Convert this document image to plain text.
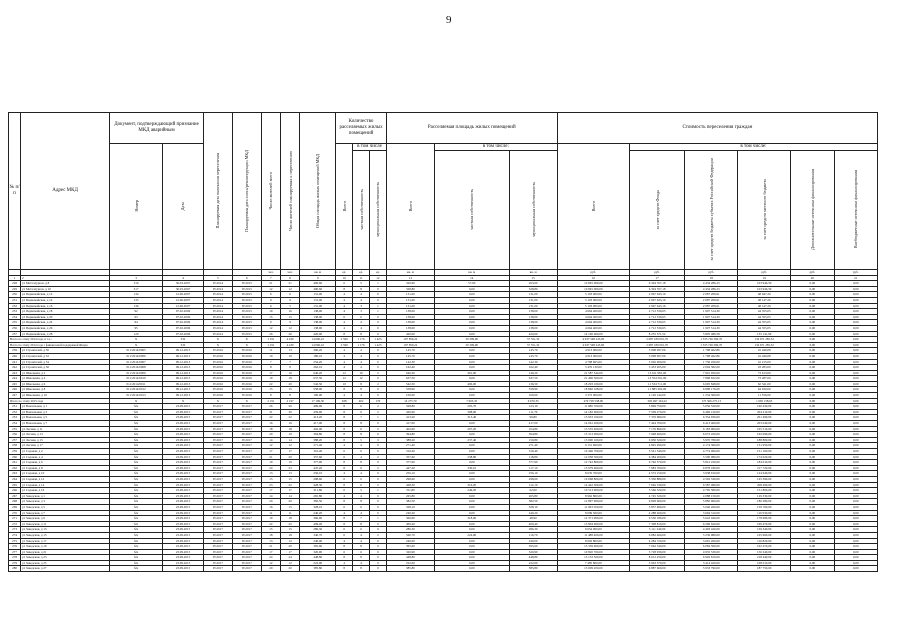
9
№ п/п	Адрес МКД	Документ, подтверждающий признание МКД аварийным		Планируемая дата окончания переселения	Планируемая дата сноса/реконструкции МКД	Число жителей всего	Число жителей планируемых к переселению	Общая площадь жилых помещений МКД	Количество расселяемых жилых помещений			Расселяемая площадь жилых помещений			Стоимость переселения граждан					
		Номер	Дата						Всего	в том числе		Всего	в том числе:		Всего	в том числе:				
										частная собственность	муниципальная собственность		частная собственность	муниципальная собственность		за счет средств Фонда	за счет средств бюджета субъекта Российской Федерации	за счет средств местного бюджета	Дополнительные источники финансирования	Внебюджетные источники финансирования
						чел.	чел.	кв. м	ед.	ед.	ед.	кв. м	кв. м	кв. м	руб.	руб.	руб.	руб.	руб.	руб.
1	2	3	4	5	6	7	8	9	10	11	12	13	14	15	16	17	18	19	20	21
228	ул Металлургов, д 8	316	30.03.2007	IV.2014	IV.2015	21	21	400,60	6	5	1	320,90	57,60	263,00	10 845 000,00	6 304 767,18	4 434 286,23	103 946,59	0,00	0,00
229	ул Металлургов, д 10	317	30.03.2007	IV.2014	IV.2015	12	12	400,60	8	8	0	328,80	0,00	328,80	10 845 000,00	6 304 767,18	4 434 286,23	103 946,59	0,00	0,00
230	ул Первомайская, д 12	134	12.06.2007	IV.2014	IV.2015	6	6	131,00	4	4	0	131,00	0,00	131,00	5 103 000,00	2 967 643,16	2 087 209,61	48 047,26	0,00	0,00
231	ул Первомайская, д 14	135	12.06.2007	IV.2014	IV.2015	9	9	131,00	4	4	0	131,00	0,00	131,00	5 103 000,00	2 967 643,16	2 087 209,61	48 147,26	0,00	0,00
232	ул Первомайская, д 16	136	12.06.2007	IV.2014	IV.2015	6	5	131,00	4	3	1	131,00	0,00	131,00	5 103 000,00	2 967 643,16	2 087 209,61	48 147,26	0,00	0,00
233	ул Первомайская, д 18	92	07.02.2006	IV.2014	IV.2015	19	16	138,00	4	3	1	138,00	0,00	138,00	4 664 400,00	2 712 530,65	1 907 514,30	44 355,05	0,00	0,00
234	ул Первомайская, д 20	93	07.02.2006	IV.2014	IV.2015	15	15	138,00	6	6	0	138,00	0,00	138,00	4 664 400,00	2 712 530,65	1 907 514,30	44 355,05	0,00	0,00
235	ул Первомайская, д 24	94	07.02.2006	IV.2014	IV.2015	9	9	138,00	4	4	0	138,00	0,00	138,00	4 664 400,00	2 712 530,65	1 907 514,30	44 355,05	0,00	0,00
236	ул Первомайская, д 26	95	07.02.2006	IV.2014	IV.2015	12	12	138,00	4	4	0	138,00	0,00	138,00	4 664 400,00	2 712 530,65	1 907 514,30	44 355,05	0,00	0,00
237	ул Первомайская, д 28	120	07.02.2006	IV.2014	IV.2015	26	26	420,00	8	8	0	420,00	0,00	420,00	14 196 000,00	8 255 371,52	5 805 486,58	135 141,90	0,00	0,00
Всего по этапу 2014 года, в т.ч.:		X	332	X	X	1 191	4 430	14 060,22	2 599	1 176	1 423	107 859,22	50 309,90	57 551,32	4 037 568 245,00	2 687 189 091,70	1 335 726 569,70	134 671 285,52	0,00	0,00
Всего по этапу 2014 года с финансовой поддержкой Фонда		X	332	X	X	1 191	4 430	14 060,22	2 599	1 176	1 423	107 859,22	50 309,90	57 551,32	4 037 568 245,00	2 687 189 091,70	1 335 726 569,70	134 671 285,52	0,00	0,00
239	ул Строителей, д 30	011/2014/0005	09.12.2013	IV.2016	IV.2016	11	13	360,20	4	4	0	145,70	0,00	145,70	4 913 000,00	3 098 097,06	1 798 462,86	16 440,08	0,00	0,00
240	ул Строителей, д 32	011/2014/0006	09.12.2013	IV.2016	IV.2016	10	10	180,10	4	4	0	145,70	0,00	145,70	4 913 000,00	3 098 097,06	1 798 462,86	16 440,08	0,00	0,00
241	ул Строителей, д 34	011/2014/0007	09.12.2013	IV.2016	IV.2016	7	7	254,20	4	4	0	142,30	0,00	142,30	4 798 665,00	3 026 000,00	1 756 450,00	16 215,00	0,00	0,00
242	ул Строителей, д 36	011/2014/0008	09.12.2013	IV.2016	IV.2016	8	8	262,10	4	4	0	162,40	0,00	162,40	5 476 130,00	3 453 265,00	2 004 582,00	18 283,00	0,00	0,00
243	ул Школьная, д 2	011/2014/0009	09.12.2013	IV.2016	IV.2016	17	16	640,20	12	10	2	640,20	491,00	149,20	21 587 544,00	13 611 981,00	7 901 950,00	73 613,00	0,00	0,00
244	ул Школьная, д 4	011/2014/0010	09.12.2013	IV.2016	IV.2016	19	18	637,50	12	12	0	637,50	0,00	637,50	21 496 500,00	13 554 561,00	7 868 652,00	73 287,00	0,00	0,00
245	ул Школьная, д 6	011/2014/0011	09.12.2013	IV.2016	IV.2016	22	20	542,50	10	8	2	542,50	406,00	136,50	18 293 100,00	11 534 711,00	6 695 848,00	62 541,00	0,00	0,00
246	ул Школьная, д 8	011/2014/0012	09.12.2013	IV.2016	IV.2016	15	15	558,90	8	8	0	558,90	0,00	558,90	18 846 108,00	11 883 302,00	6 898 176,00	64 630,00	0,00	0,00
247	ул Школьная, д 10	011/2014/0013	09.12.2013	IV.2016	IV.2016	8	8	100,00	4	4	0	100,00	0,00	100,00	3 372 000,00	2 126 144,00	1 234 300,00	11 556,00	0,00	0,00
Итого по этапу 2015 года		X	X	X	X	2 191	2 197	17 199,30	638	462	176	14 275,70	7 605,35	6 670,35	479 728 538,00	302 497 104,22	175 566 275,13	1 665 158,65	0,00	0,00
251	ул Вокзальная, д 1	б/н	23.09.2015	IV.2017	IV.2017	26	26	499,90	8	6	2	328,80	205,70	123,10	11 086 700,00	5 869 750,00	5 056 520,00	160 430,00	0,00	0,00
252	ул Вокзальная, д 3	б/н	23.09.2015	IV.2017	IV.2017	31	30	459,90	8	6	2	420,60	308,90	111,70	14 182 600,00	7 509 270,00	6 469 120,00	204 210,00	0,00	0,00
253	ул Вокзальная, д 5	б/н	23.09.2015	IV.2017	IV.2017	22	22	413,20	8	7	1	413,20	313,40	99,80	13 933 100,00	7 376 680,00	6 354 930,00	201 490,00	0,00	0,00
254	ул Вокзальная, д 7	б/н	23.09.2015	IV.2017	IV.2017	16	16	417,00	8	8	0	417,00	0,00	417,00	14 061 200,00	7 444 700,00	6 413 460,00	203 040,00	0,00	0,00
255	ул Лесная, д 11	б/н	23.09.2015	IV.2017	IV.2017	18	18	402,00	8	6	2	402,00	297,20	104,80	13 555 400,00	7 176 890,00	6 183 000,00	195 510,00	0,00	0,00
256	ул Лесная, д 13	б/н	23.09.2015	IV.2017	IV.2017	20	19	394,80	8	8	0	394,80	0,00	394,80	13 313 000,00	7 048 460,00	6 072 450,00	192 090,00	0,00	0,00
257	ул Лесная, д 15	б/н	23.09.2015	IV.2017	IV.2017	14	14	388,20	8	5	3	388,20	237,40	150,80	13 090 100,00	6 930 520,00	5 970 780,00	188 800,00	0,00	0,00
258	ул Лесная, д 17	б/н	23.09.2015	IV.2017	IV.2017	12	12	271,40	4	4	0	271,40	0,00	271,40	9 151 600,00	4 845 290,00	4 174 360,00	131 950,00	0,00	0,00
259	ул Садовая, д 2	б/н	23.09.2015	IV.2017	IV.2017	17	17	310,40	6	6	0	310,40	0,00	310,40	10 466 700,00	5 541 540,00	4 774 060,00	151 100,00	0,00	0,00
260	ул Садовая, д 4	б/н	23.09.2015	IV.2017	IV.2017	21	20	357,60	6	4	2	357,60	238,80	118,80	12 058 300,00	6 384 200,00	5 500 080,00	174 020,00	0,00	0,00
261	ул Садовая, д 6	б/н	23.09.2015	IV.2017	IV.2017	19	19	377,90	8	8	0	377,90	0,00	377,90	12 742 800,00	6 746 570,00	5 812 220,00	184 010,00	0,00	0,00
262	ул Садовая, д 8	б/н	23.09.2015	IV.2017	IV.2017	24	23	447,20	8	6	2	447,20	330,10	117,10	15 079 600,00	7 983 700,00	6 878 180,00	217 720,00	0,00	0,00
263	ул Садовая, д 10	б/н	23.09.2015	IV.2017	IV.2017	13	13	256,10	4	4	0	256,10	0,00	256,10	8 635 700,00	4 572 150,00	3 938 910,00	124 640,00	0,00	0,00
264	ул Садовая, д 12	б/н	23.09.2015	IV.2017	IV.2017	15	15	298,60	6	6	0	298,60	0,00	298,60	10 068 800,00	5 330 880,00	4 592 530,00	145 390,00	0,00	0,00
265	ул Садовая, д 14	б/н	23.09.2015	IV.2017	IV.2017	23	22	428,30	8	6	2	428,30	316,20	112,10	14 442 300,00	7 646 330,00	6 587 480,00	208 490,00	0,00	0,00
266	ул Садовая, д 16	б/н	23.09.2015	IV.2017	IV.2017	17	17	311,80	6	5	1	311,80	249,20	62,60	10 513 900,00	5 566 520,00	4 795 580,00	151 800,00	0,00	0,00
267	ул Заводская, д 1	б/н	23.09.2015	IV.2017	IV.2017	14	14	265,80	4	4	0	265,80	0,00	265,80	8 962 800,00	4 745 320,00	4 088 150,00	129 330,00	0,00	0,00
268	ул Заводская, д 3	б/н	23.09.2015	IV.2017	IV.2017	20	20	382,50	8	8	0	382,50	0,00	382,50	12 897 900,00	6 828 660,00	5 882 960,00	186 280,00	0,00	0,00
269	ул Заводская, д 5	б/н	23.09.2015	IV.2017	IV.2017	16	15	328,10	6	6	0	328,10	0,00	328,10	11 063 500,00	5 857 480,00	5 046 260,00	159 760,00	0,00	0,00
270	ул Заводская, д 7	б/н	23.09.2015	IV.2017	IV.2017	11	11	240,20	4	4	0	240,20	0,00	240,20	8 099 500,00	4 288 260,00	3 694 310,00	116 930,00	0,00	0,00
271	ул Заводская, д 9	б/н	23.09.2015	IV.2017	IV.2017	19	18	366,90	8	7	1	366,90	318,00	48,90	12 371 900,00	6 550 180,00	5 643 040,00	178 680,00	0,00	0,00
272	ул Заводская, д 11	б/н	23.09.2015	IV.2017	IV.2017	22	22	409,40	8	8	0	409,40	0,00	409,40	13 804 900,00	7 308 810,00	6 296 620,00	199 470,00	0,00	0,00
273	ул Заводская, д 13	б/н	23.09.2015	IV.2017	IV.2017	15	15	286,30	6	6	0	286,30	0,00	286,30	9 654 000,00	5 111 240,00	4 403 420,00	139 340,00	0,00	0,00
274	ул Заводская, д 15	б/н	23.09.2015	IV.2017	IV.2017	18	18	340,70	6	4	2	340,70	224,00	116,70	11 488 400,00	6 082 460,00	5 239 980,00	165 960,00	0,00	0,00
275	ул Заводская, д 17	б/н	23.09.2015	IV.2017	IV.2017	13	12	240,00	4	4	0	240,00	0,00	240,00	8 092 800,00	4 284 720,00	3 691 260,00	116 820,00	0,00	0,00
276	ул Заводская, д 19	б/н	23.09.2015	IV.2017	IV.2017	21	20	395,60	8	8	0	395,60	0,00	395,60	13 339 600,00	7 062 540,00	6 084 590,00	192 470,00	0,00	0,00
277	ул Заводская, д 21	б/н	23.09.2015	IV.2017	IV.2017	17	17	320,90	6	6	0	320,90	0,00	320,90	10 820 700,00	5 728 930,00	4 935 530,00	156 240,00	0,00	0,00
278	ул Заводская, д 23	б/н	23.09.2015	IV.2017	IV.2017	24	24	448,80	8	8	0	448,80	0,00	448,80	15 133 500,00	8 012 250,00	6 902 810,00	218 440,00	0,00	0,00
279	ул Заводская, д 25	б/н	23.09.2015	IV.2017	IV.2017	12	12	222,00	4	4	0	222,00	0,00	222,00	7 485 800,00	3 963 370,00	3 414 420,00	108 010,00	0,00	0,00
280	ул Заводская, д 27	б/н	23.09.2015	IV.2017	IV.2017	20	20	385,80	8	8	0	385,80	0,00	385,80	13 009 200,00	6 887 660,00	5 933 790,00	187 750,00	0,00	0,00
